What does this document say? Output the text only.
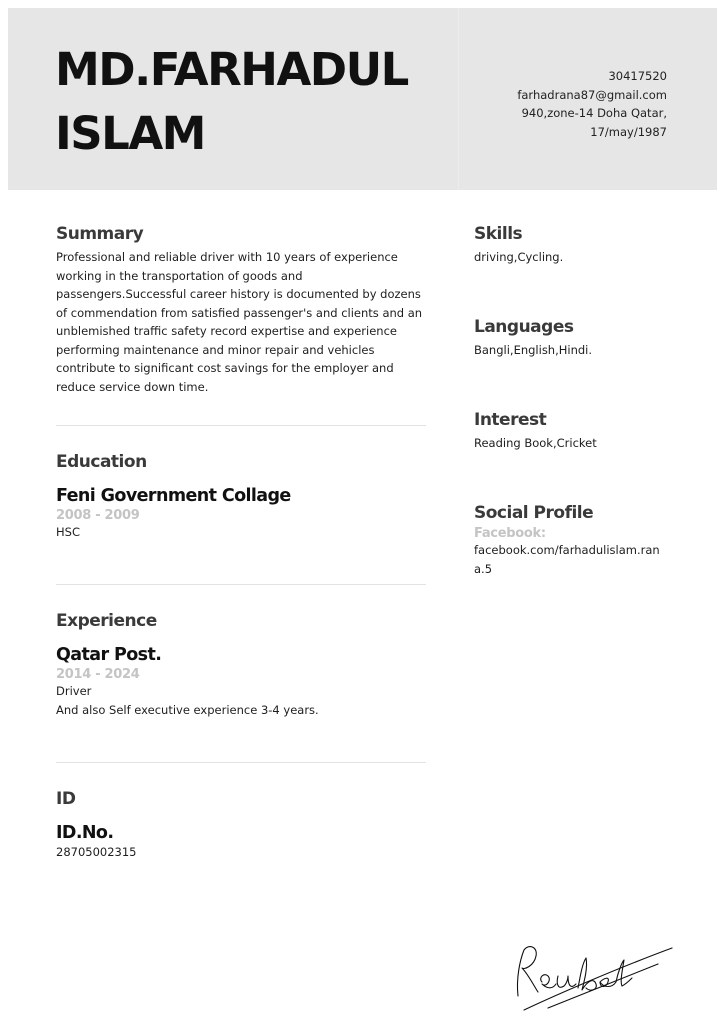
MD.FARHADUL
ISLAM
30417520
farhadrana87@gmail.com
940,zone-14 Doha Qatar,
17/may/1987
Summary
Professional and reliable driver with 10 years of experience working in the transportation of goods and passengers.Successful career history is documented by dozens of commendation from satisfied passenger's and clients and an unblemished traffic safety record expertise and experience performing maintenance and minor repair and vehicles contribute to significant cost savings for the employer and reduce service down time.
Education
Feni Government Collage
2008 - 2009
HSC
Experience
Qatar Post.
2014 - 2024
Driver
And also Self executive experience 3-4 years.
ID
ID.No.
28705002315
Skills
driving,Cycling.
Languages
Bangli,English,Hindi.
Interest
Reading Book,Cricket
Social Profile
Facebook:
facebook.com/farhadulislam.ran
a.5
